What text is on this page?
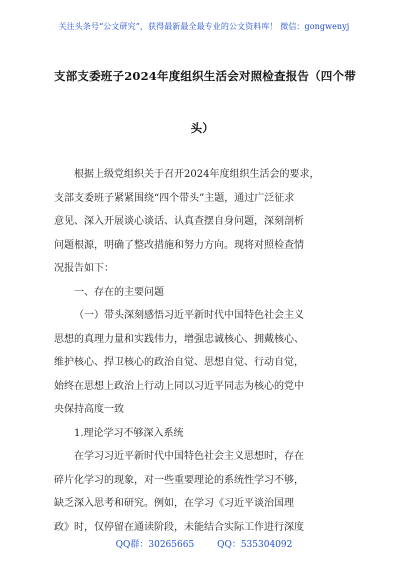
关注头条号“公文研究”，获得最新最全最专业的公文资料库！ 微信：gongwenyj
支部支委班子2024年度组织生活会对照检查报告（四个带
头）

根据上级党组织关于召开2024年度组织生活会的要求，
支部支委班子紧紧围绕“四个带头”主题，通过广泛征求
意见、深入开展谈心谈话、认真查摆自身问题，深刻剖析
问题根源，明确了整改措施和努力方向。现将对照检查情
况报告如下：

一、存在的主要问题

（一）带头深刻感悟习近平新时代中国特色社会主义
思想的真理力量和实践伟力，增强忠诚核心、拥戴核心、
维护核心、捍卫核心的政治自觉、思想自觉、行动自觉，
始终在思想上政治上行动上同以习近平同志为核心的党中
央保持高度一致

1.理论学习不够深入系统

在学习习近平新时代中国特色社会主义思想时，存在
碎片化学习的现象，对一些重要理论的系统性学习不够，
缺乏深入思考和研究。例如，在学习《习近平谈治国理
政》时，仅停留在通读阶段，未能结合实际工作进行深度

QQ群：30265665	QQ：535304092
